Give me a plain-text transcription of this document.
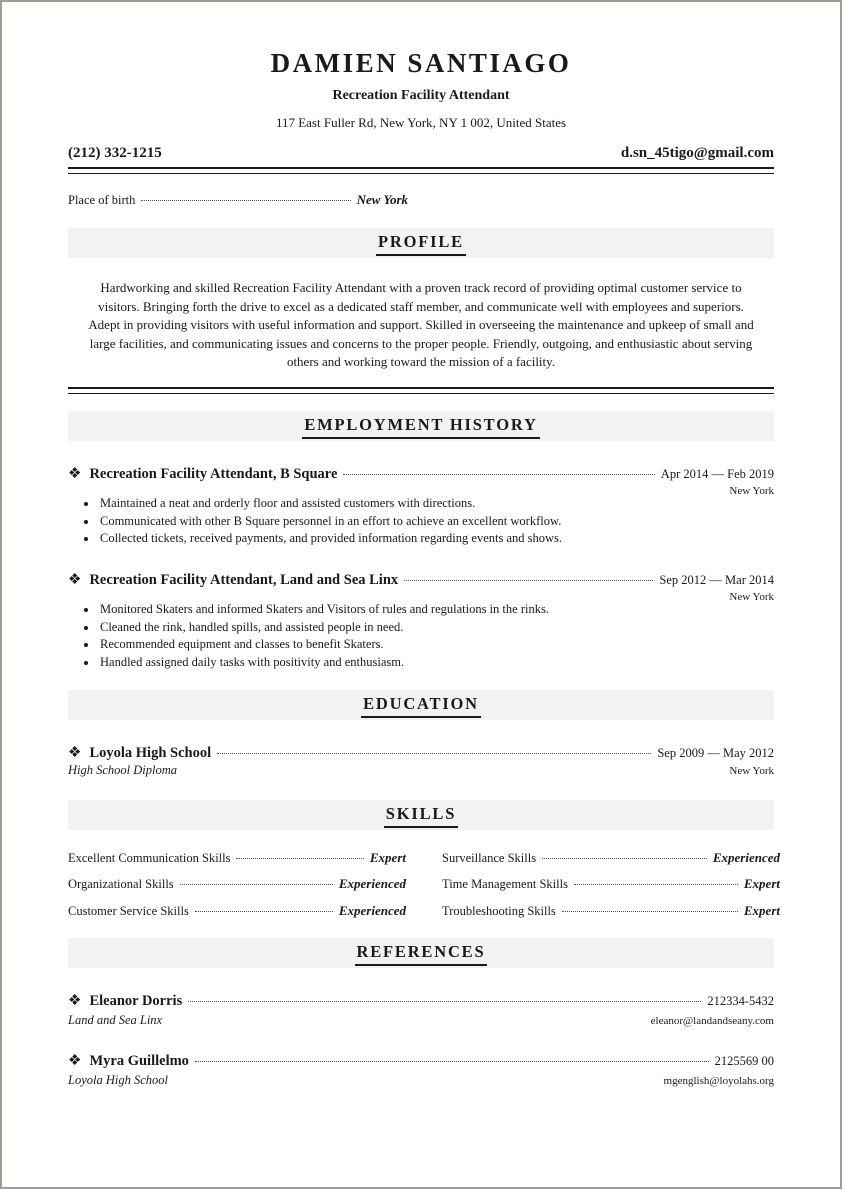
DAMIEN SANTIAGO
Recreation Facility Attendant
117 East Fuller Rd, New York, NY 1 002, United States
(212) 332-1215	d.sn_45tigo@gmail.com
Place of birth	New York
PROFILE
Hardworking and skilled Recreation Facility Attendant with a proven track record of providing optimal customer service to visitors. Bringing forth the drive to excel as a dedicated staff member, and communicate well with employees and superiors. Adept in providing visitors with useful information and support. Skilled in overseeing the maintenance and upkeep of small and large facilities, and communicating issues and concerns to the proper people. Friendly, outgoing, and enthusiastic about serving others and working toward the mission of a facility.
EMPLOYMENT HISTORY
❖ Recreation Facility Attendant, B Square	Apr 2014 — Feb 2019
New York
• Maintained a neat and orderly floor and assisted customers with directions.
• Communicated with other B Square personnel in an effort to achieve an excellent workflow.
• Collected tickets, received payments, and provided information regarding events and shows.
❖ Recreation Facility Attendant, Land and Sea Linx	Sep 2012 — Mar 2014
New York
• Monitored Skaters and informed Skaters and Visitors of rules and regulations in the rinks.
• Cleaned the rink, handled spills, and assisted people in need.
• Recommended equipment and classes to benefit Skaters.
• Handled assigned daily tasks with positivity and enthusiasm.
EDUCATION
❖ Loyola High School	Sep 2009 — May 2012
High School Diploma	New York
SKILLS
Excellent Communication Skills	Expert	Surveillance Skills	Experienced
Organizational Skills	Experienced	Time Management Skills	Expert
Customer Service Skills	Experienced	Troubleshooting Skills	Expert
REFERENCES
❖ Eleanor Dorris	212334-5432
Land and Sea Linx	eleanor@landandseany.com
❖ Myra Guillelmo	2125569 00
Loyola High School	mgenglish@loyolahs.org
